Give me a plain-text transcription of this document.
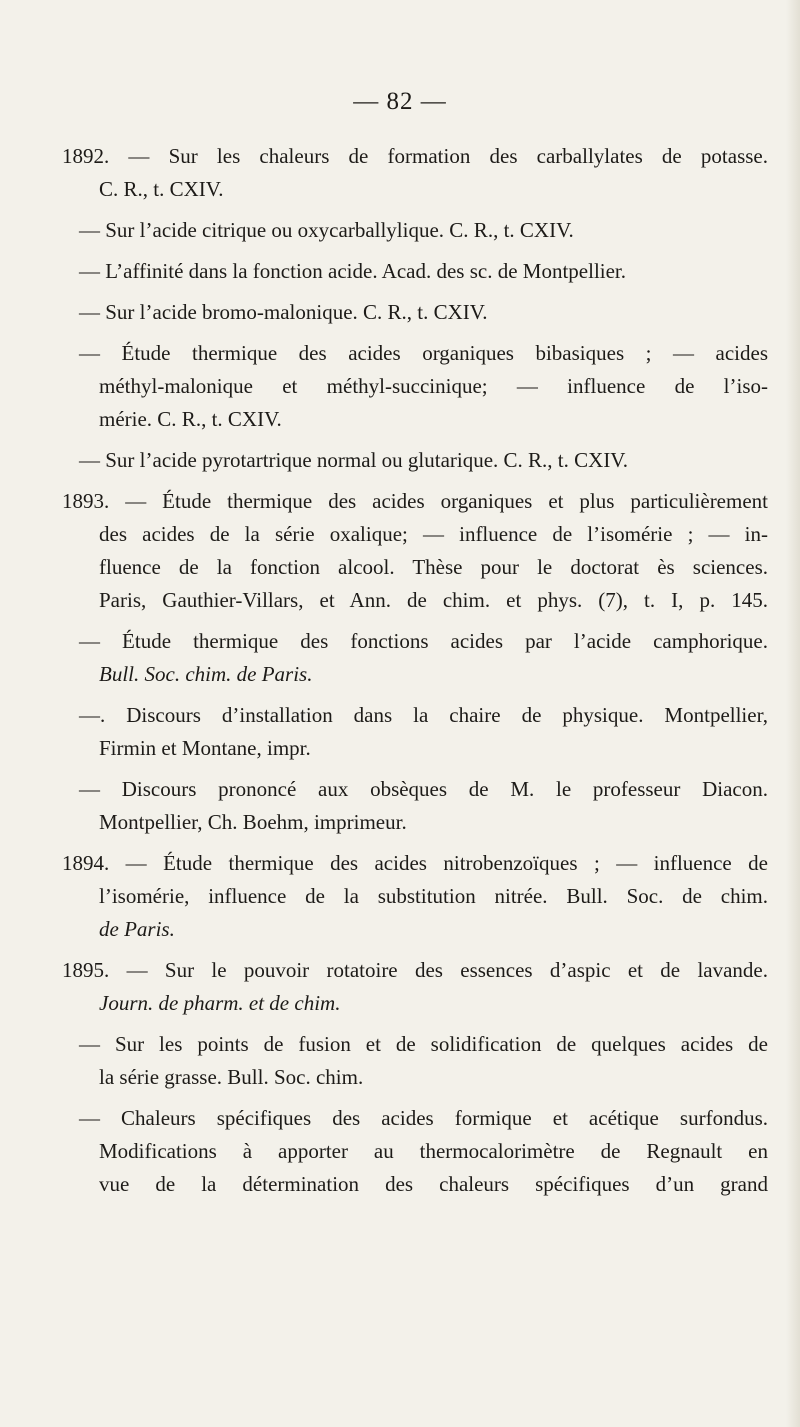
— 82 —
1892. — Sur les chaleurs de formation des carballylates de potasse.
C. R., t. CXIV.
— Sur l’acide citrique ou oxycarballylique. C. R., t. CXIV.
— L’affinité dans la fonction acide. Acad. des sc. de Montpellier.
— Sur l’acide bromo-malonique. C. R., t. CXIV.
— Étude thermique des acides organiques bibasiques ; — acides
méthyl-malonique et méthyl-succinique; — influence de l’iso-
mérie. C. R., t. CXIV.
— Sur l’acide pyrotartrique normal ou glutarique. C. R., t. CXIV.
1893. — Étude thermique des acides organiques et plus particulièrement
des acides de la série oxalique; — influence de l’isomérie ; — in-
fluence de la fonction alcool. Thèse pour le doctorat ès sciences.
Paris, Gauthier-Villars, et Ann. de chim. et phys. (7), t. I, p. 145.
— Étude thermique des fonctions acides par l’acide camphorique.
Bull. Soc. chim. de Paris.
—. Discours d’installation dans la chaire de physique. Montpellier,
Firmin et Montane, impr.
— Discours prononcé aux obsèques de M. le professeur Diacon.
Montpellier, Ch. Boehm, imprimeur.
1894. — Étude thermique des acides nitrobenzoïques ; — influence de
l’isomérie, influence de la substitution nitrée. Bull. Soc. de chim.
de Paris.
1895. — Sur le pouvoir rotatoire des essences d’aspic et de lavande.
Journ. de pharm. et de chim.
— Sur les points de fusion et de solidification de quelques acides de
la série grasse. Bull. Soc. chim.
— Chaleurs spécifiques des acides formique et acétique surfondus.
Modifications à apporter au thermocalorimètre de Regnault en
vue de la détermination des chaleurs spécifiques d’un grand
